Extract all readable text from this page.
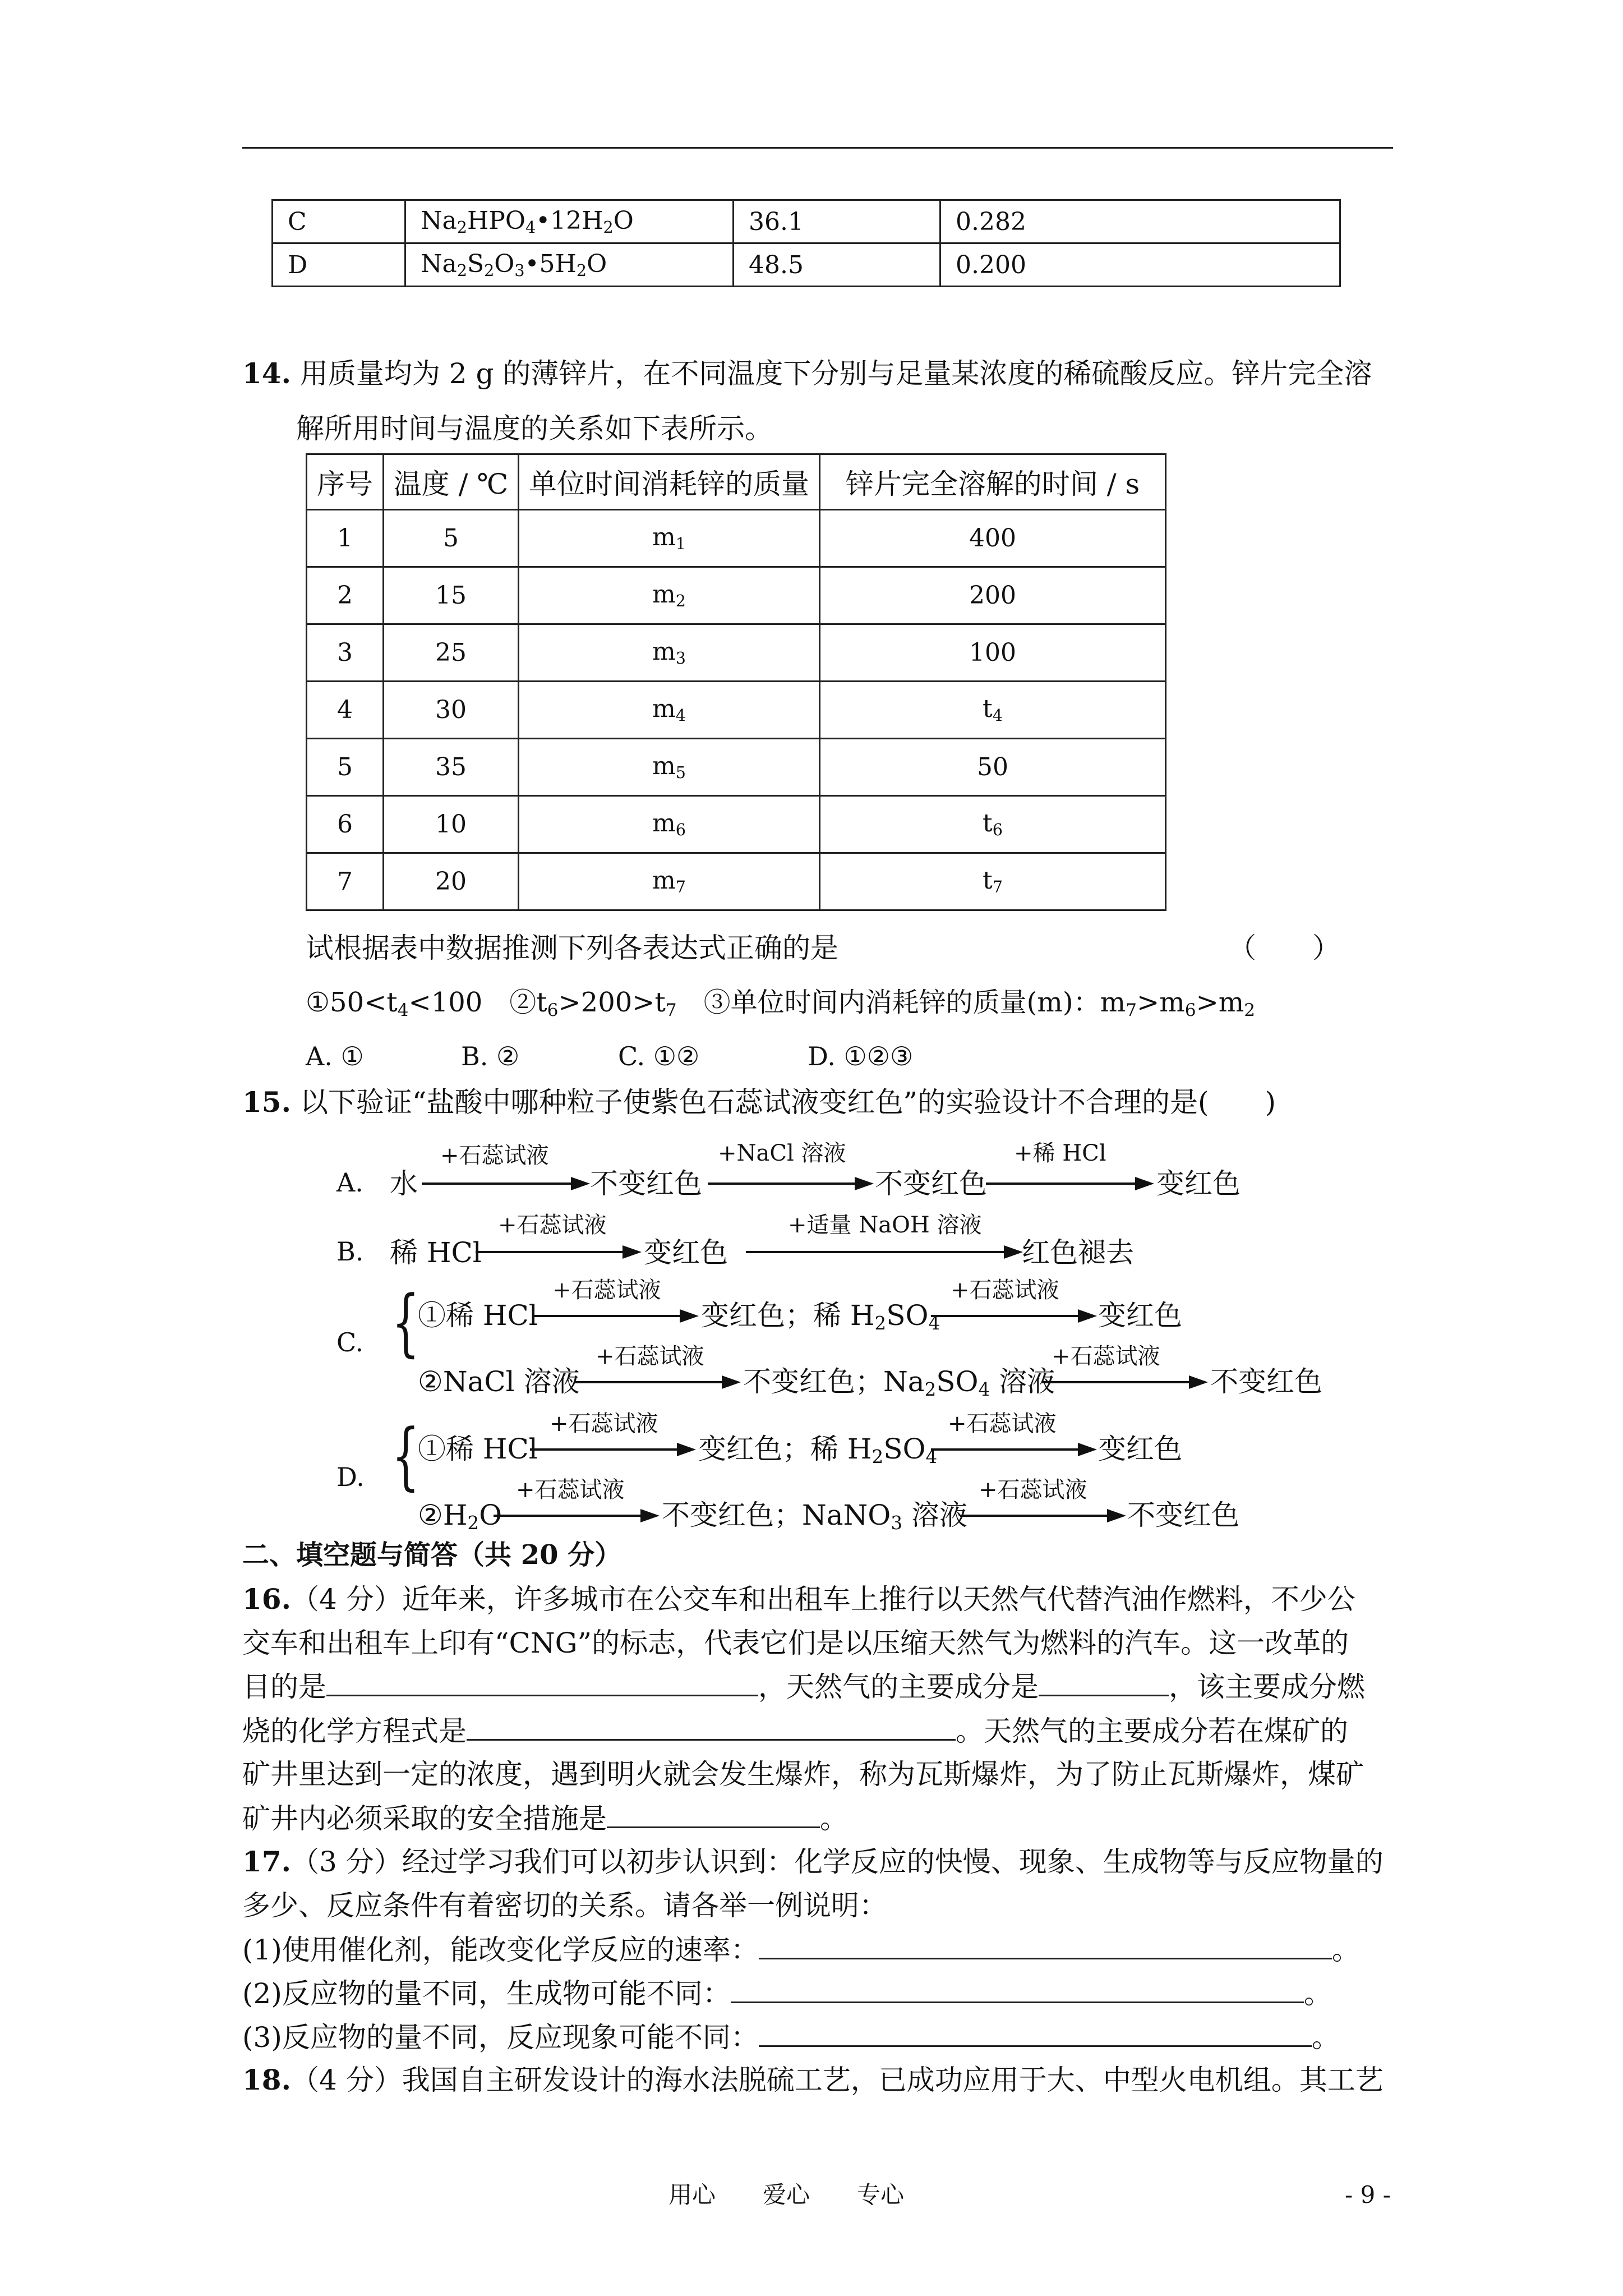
C	$Na_2HPO_4•12H_2O$	36.1	0.282
D	$Na_2S_2O_3•5H_2O$	48.5	0.200
14. 用质量均为 2 g 的薄锌片，在不同温度下分别与足量某浓度的稀硫酸反应。锌片完全溶
解所用时间与温度的关系如下表所示。
序号	温度 / ℃	单位时间消耗锌的质量	锌片完全溶解的时间 / s
1	5	$m_1$	400
2	15	$m_2$	200
3	25	$m_3$	100
4	30	$m_4$	$t_4$
5	35	$m_5$	50
6	10	$m_6$	$t_6$
7	20	$m_7$	$t_7$
试根据表中数据推测下列各表达式正确的是	（　　）
$①50<t_4<100$　$②t_6>200>t_7$　③单位时间内消耗锌的质量(m)：$m_7>m_6>m_2$
A. ①	B. ②	C. ①②	D. ①②③
15. 以下验证“盐酸中哪种粒子使紫色石蕊试液变红色”的实验设计不合理的是(　　)
A. 水
+石蕊试液
不变红色
+NaCl 溶液
不变红色
+稀 HCl
变红色
B. 稀 HCl
+石蕊试液
变红色
+适量 NaOH 溶液
红色褪去
C. {
①稀 HCl
+石蕊试液
变红色；稀 $H_2SO_4$
+石蕊试液
变红色
②NaCl 溶液
+石蕊试液
不变红色；$Na_2SO_4$ 溶液
+石蕊试液
不变红色
D. {
①稀 HCl
+石蕊试液
变红色；稀 $H_2SO_4$
+石蕊试液
变红色
$②H_2O$
+石蕊试液
不变红色；NaNO$_3$ 溶液
+石蕊试液
不变红色
二、填空题与简答（共 20 分）
16.（4 分）近年来，许多城市在公交车和出租车上推行以天然气代替汽油作燃料，不少公
交车和出租车上印有“CNG”的标志，代表它们是以压缩天然气为燃料的汽车。这一改革的
目的是	，天然气的主要成分是	，该主要成分燃
烧的化学方程式是	。天然气的主要成分若在煤矿的
矿井里达到一定的浓度，遇到明火就会发生爆炸，称为瓦斯爆炸，为了防止瓦斯爆炸，煤矿
矿井内必须采取的安全措施是	。
17.（3 分）经过学习我们可以初步认识到：化学反应的快慢、现象、生成物等与反应物量的
多少、反应条件有着密切的关系。请各举一例说明：
(1)使用催化剂，能改变化学反应的速率：	。
(2)反应物的量不同，生成物可能不同：	。
(3)反应物的量不同，反应现象可能不同：	。
18.（4 分）我国自主研发设计的海水法脱硫工艺，已成功应用于大、中型火电机组。其工艺
用心　　爱心　　专心	- 9 -
